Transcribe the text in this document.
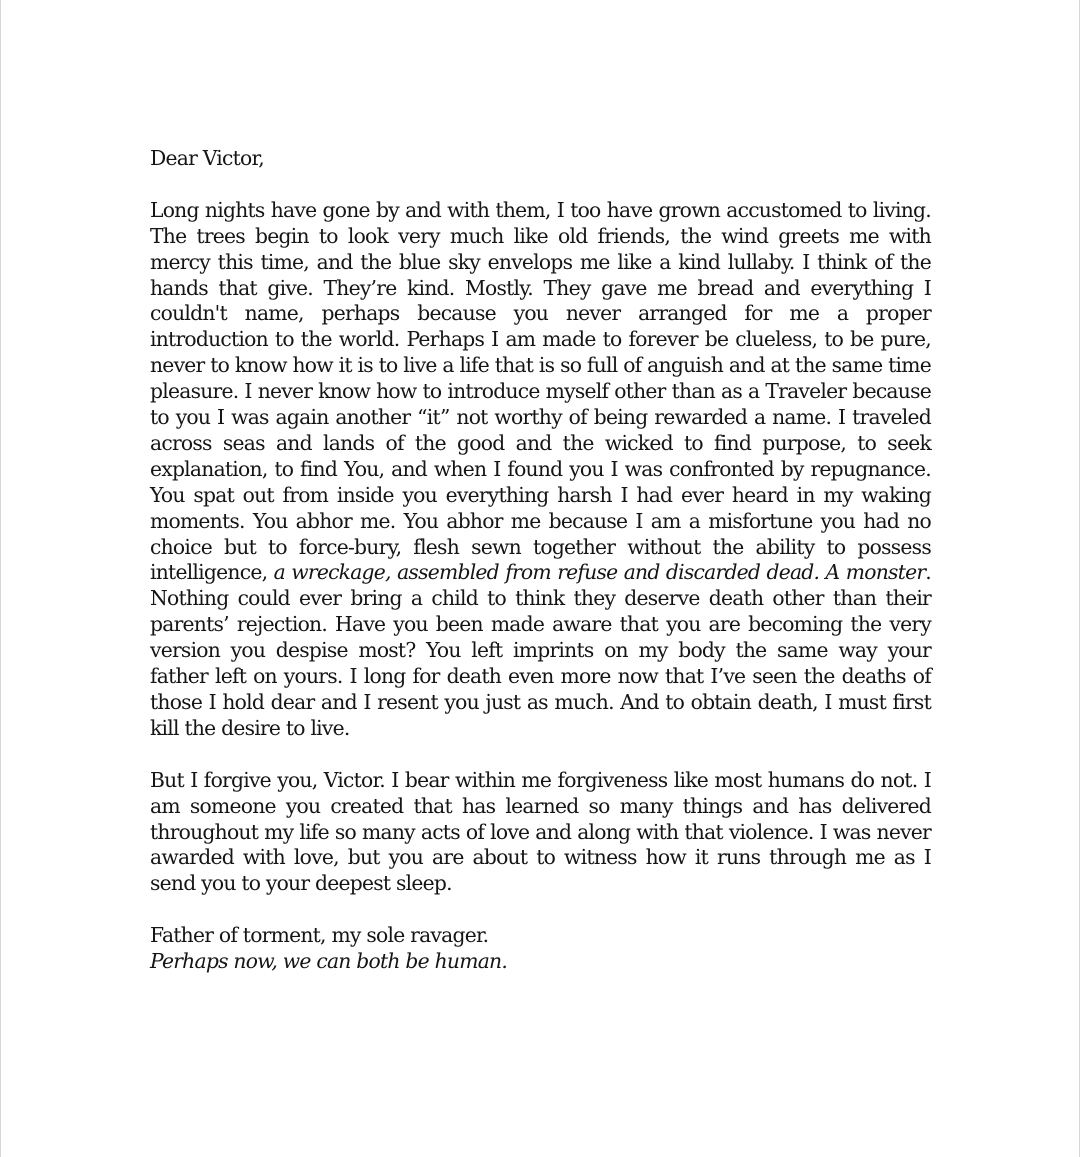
Dear Victor,

Long nights have gone by and with them, I too have grown accustomed to living. The trees begin to look very much like old friends, the wind greets me with mercy this time, and the blue sky envelops me like a kind lullaby. I think of the hands that give. They’re kind. Mostly. They gave me bread and everything I couldn't name, perhaps because you never arranged for me a proper introduction to the world. Perhaps I am made to forever be clueless, to be pure, never to know how it is to live a life that is so full of anguish and at the same time pleasure. I never know how to introduce myself other than as a Traveler because to you I was again another “it” not worthy of being rewarded a name. I traveled across seas and lands of the good and the wicked to find purpose, to seek explanation, to find You, and when I found you I was confronted by repugnance. You spat out from inside you everything harsh I had ever heard in my waking moments. You abhor me. You abhor me because I am a misfortune you had no choice but to force-bury, flesh sewn together without the ability to possess intelligence, a wreckage, assembled from refuse and discarded dead. A monster. Nothing could ever bring a child to think they deserve death other than their parents’ rejection. Have you been made aware that you are becoming the very version you despise most? You left imprints on my body the same way your father left on yours. I long for death even more now that I’ve seen the deaths of those I hold dear and I resent you just as much. And to obtain death, I must first kill the desire to live.

But I forgive you, Victor. I bear within me forgiveness like most humans do not. I am someone you created that has learned so many things and has delivered throughout my life so many acts of love and along with that violence. I was never awarded with love, but you are about to witness how it runs through me as I send you to your deepest sleep.

Father of torment, my sole ravager.

Perhaps now, we can both be human.
